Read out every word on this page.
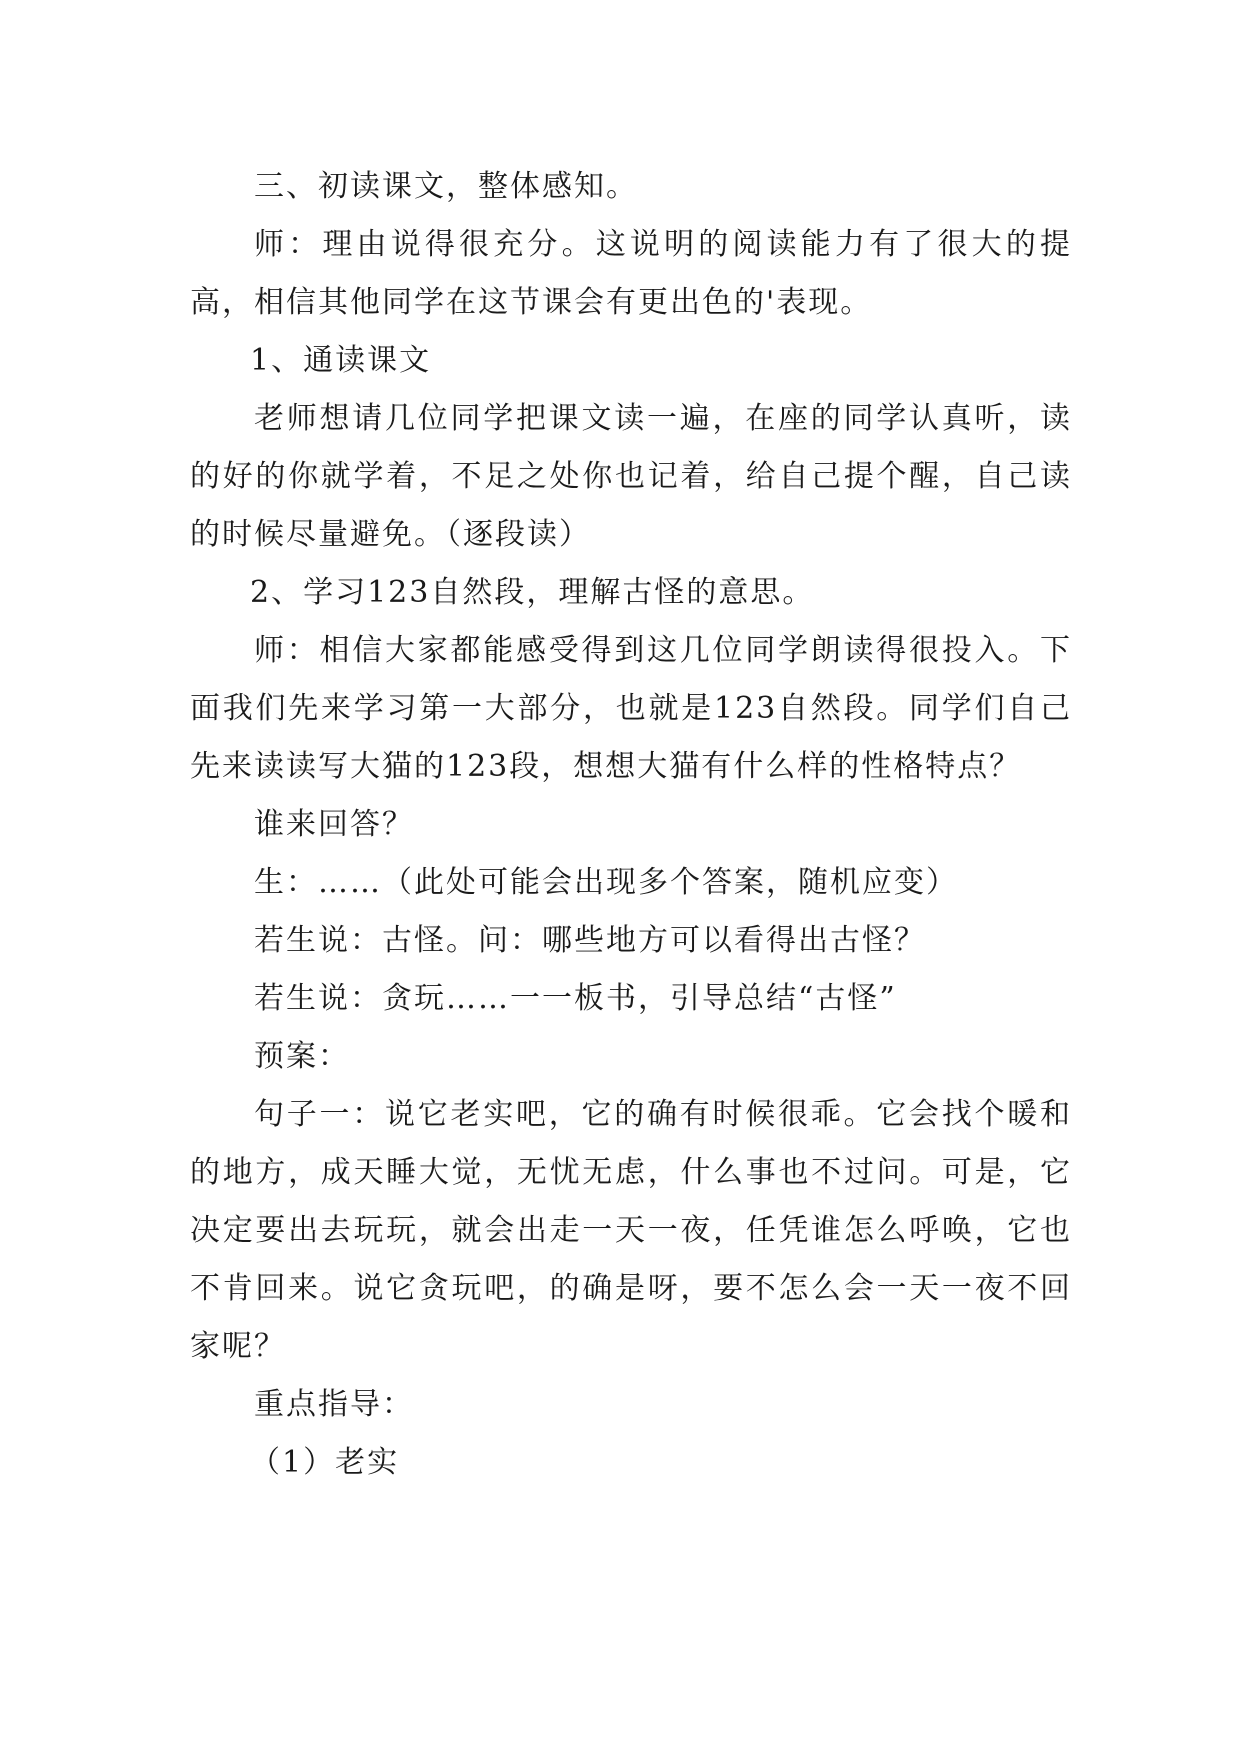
三、初读课文，整体感知。

师：理由说得很充分。这说明的阅读能力有了很大的提高，相信其他同学在这节课会有更出色的'表现。

1、通读课文

老师想请几位同学把课文读一遍，在座的同学认真听，读的好的你就学着，不足之处你也记着，给自己提个醒，自己读的时候尽量避免。（逐段读）

2、学习123自然段，理解古怪的意思。

师：相信大家都能感受得到这几位同学朗读得很投入。下面我们先来学习第一大部分，也就是123自然段。同学们自己先来读读写大猫的123段，想想大猫有什么样的性格特点？

谁来回答？

生：……（此处可能会出现多个答案，随机应变）

若生说：古怪。问：哪些地方可以看得出古怪？

若生说：贪玩……一一板书，引导总结“古怪”

预案：

句子一：说它老实吧，它的确有时候很乖。它会找个暖和的地方，成天睡大觉，无忧无虑，什么事也不过问。可是，它决定要出去玩玩，就会出走一天一夜，任凭谁怎么呼唤，它也不肯回来。说它贪玩吧，的确是呀，要不怎么会一天一夜不回家呢？

重点指导：

（1）老实
